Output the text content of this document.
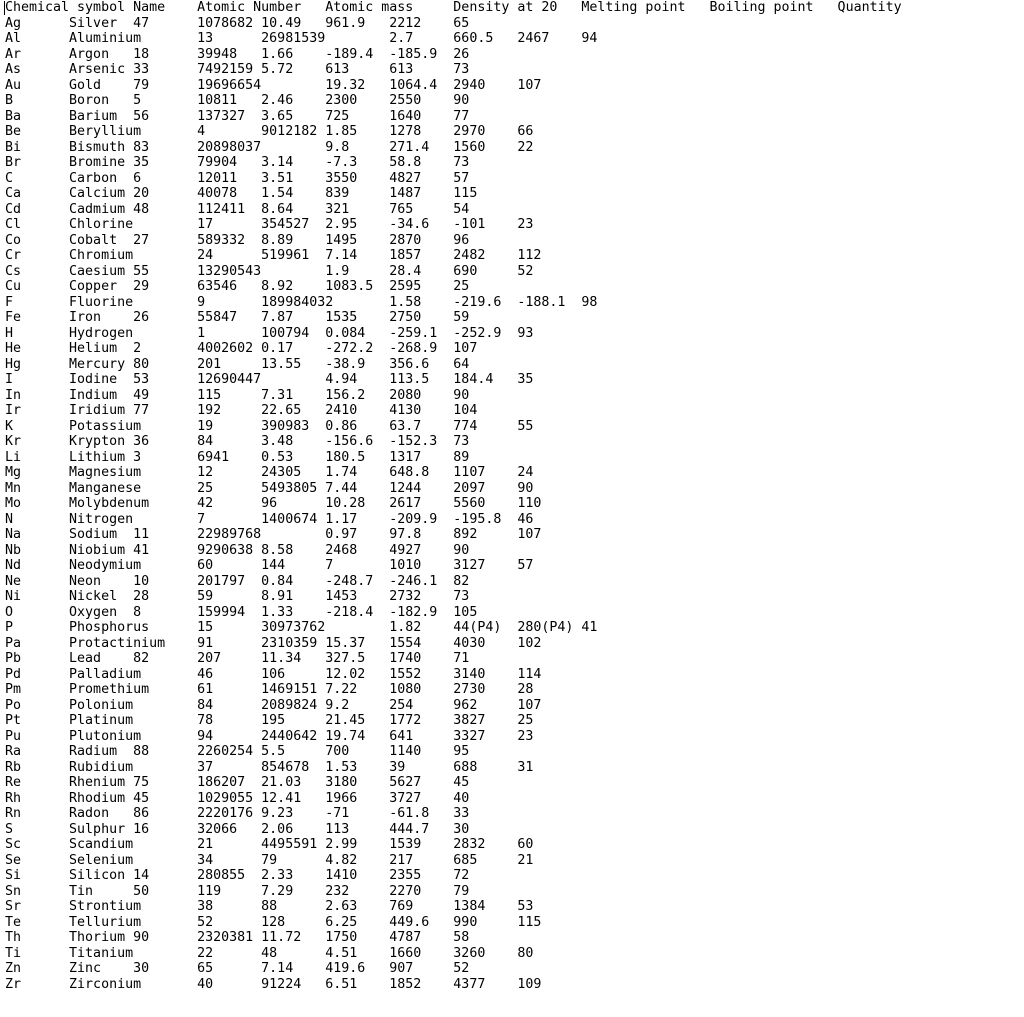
Chemical symbol Name    Atomic Number   Atomic mass     Density at 20   Melting point   Boiling point   Quantity
Ag      Silver  47      1078682 10.49   961.9   2212    65
Al      Aluminium       13      26981539        2.7     660.5   2467    94
Ar      Argon   18      39948   1.66    -189.4  -185.9  26
As      Arsenic 33      7492159 5.72    613     613     73
Au      Gold    79      19696654        19.32   1064.4  2940    107
B       Boron   5       10811   2.46    2300    2550    90
Ba      Barium  56      137327  3.65    725     1640    77
Be      Beryllium       4       9012182 1.85    1278    2970    66
Bi      Bismuth 83      20898037        9.8     271.4   1560    22
Br      Bromine 35      79904   3.14    -7.3    58.8    73
C       Carbon  6       12011   3.51    3550    4827    57
Ca      Calcium 20      40078   1.54    839     1487    115
Cd      Cadmium 48      112411  8.64    321     765     54
Cl      Chlorine        17      354527  2.95    -34.6   -101    23
Co      Cobalt  27      589332  8.89    1495    2870    96
Cr      Chromium        24      519961  7.14    1857    2482    112
Cs      Caesium 55      13290543        1.9     28.4    690     52
Cu      Copper  29      63546   8.92    1083.5  2595    25
F       Fluorine        9       189984032       1.58    -219.6  -188.1  98
Fe      Iron    26      55847   7.87    1535    2750    59
H       Hydrogen        1       100794  0.084   -259.1  -252.9  93
He      Helium  2       4002602 0.17    -272.2  -268.9  107
Hg      Mercury 80      201     13.55   -38.9   356.6   64
I       Iodine  53      12690447        4.94    113.5   184.4   35
In      Indium  49      115     7.31    156.2   2080    90
Ir      Iridium 77      192     22.65   2410    4130    104
K       Potassium       19      390983  0.86    63.7    774     55
Kr      Krypton 36      84      3.48    -156.6  -152.3  73
Li      Lithium 3       6941    0.53    180.5   1317    89
Mg      Magnesium       12      24305   1.74    648.8   1107    24
Mn      Manganese       25      5493805 7.44    1244    2097    90
Mo      Molybdenum      42      96      10.28   2617    5560    110
N       Nitrogen        7       1400674 1.17    -209.9  -195.8  46
Na      Sodium  11      22989768        0.97    97.8    892     107
Nb      Niobium 41      9290638 8.58    2468    4927    90
Nd      Neodymium       60      144     7       1010    3127    57
Ne      Neon    10      201797  0.84    -248.7  -246.1  82
Ni      Nickel  28      59      8.91    1453    2732    73
O       Oxygen  8       159994  1.33    -218.4  -182.9  105
P       Phosphorus      15      30973762        1.82    44(P4)  280(P4) 41
Pa      Protactinium    91      2310359 15.37   1554    4030    102
Pb      Lead    82      207     11.34   327.5   1740    71
Pd      Palladium       46      106     12.02   1552    3140    114
Pm      Promethium      61      1469151 7.22    1080    2730    28
Po      Polonium        84      2089824 9.2     254     962     107
Pt      Platinum        78      195     21.45   1772    3827    25
Pu      Plutonium       94      2440642 19.74   641     3327    23
Ra      Radium  88      2260254 5.5     700     1140    95
Rb      Rubidium        37      854678  1.53    39      688     31
Re      Rhenium 75      186207  21.03   3180    5627    45
Rh      Rhodium 45      1029055 12.41   1966    3727    40
Rn      Radon   86      2220176 9.23    -71     -61.8   33
S       Sulphur 16      32066   2.06    113     444.7   30
Sc      Scandium        21      4495591 2.99    1539    2832    60
Se      Selenium        34      79      4.82    217     685     21
Si      Silicon 14      280855  2.33    1410    2355    72
Sn      Tin     50      119     7.29    232     2270    79
Sr      Strontium       38      88      2.63    769     1384    53
Te      Tellurium       52      128     6.25    449.6   990     115
Th      Thorium 90      2320381 11.72   1750    4787    58
Ti      Titanium        22      48      4.51    1660    3260    80
Zn      Zinc    30      65      7.14    419.6   907     52
Zr      Zirconium       40      91224   6.51    1852    4377    109
